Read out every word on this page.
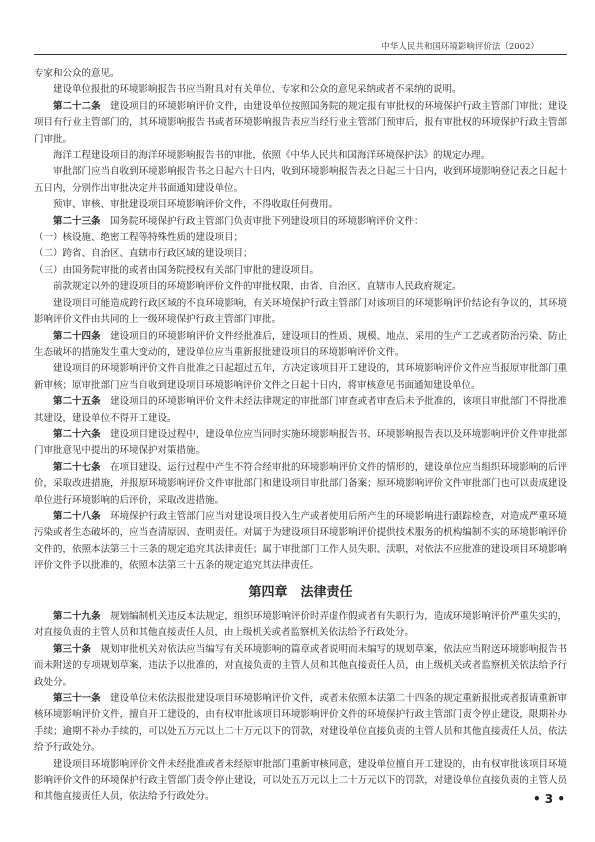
中华人民共和国环境影响评价法（2002）

专家和公众的意见。

建设单位报批的环境影响报告书应当附具对有关单位、专家和公众的意见采纳或者不采纳的说明。

第二十二条　建设项目的环境影响评价文件，由建设单位按照国务院的规定报有审批权的环境保护行政主管部门审批；建设项目有行业主管部门的，其环境影响报告书或者环境影响报告表应当经行业主管部门预审后，报有审批权的环境保护行政主管部门审批。

海洋工程建设项目的海洋环境影响报告书的审批，依照《中华人民共和国海洋环境保护法》的规定办理。

审批部门应当自收到环境影响报告书之日起六十日内，收到环境影响报告表之日起三十日内，收到环境影响登记表之日起十五日内，分别作出审批决定并书面通知建设单位。

预审、审核、审批建设项目环境影响评价文件，不得收取任何费用。

第二十三条　国务院环境保护行政主管部门负责审批下列建设项目的环境影响评价文件：

（一）核设施、绝密工程等特殊性质的建设项目；

（二）跨省、自治区、直辖市行政区域的建设项目；

（三）由国务院审批的或者由国务院授权有关部门审批的建设项目。

前款规定以外的建设项目的环境影响评价文件的审批权限，由省、自治区、直辖市人民政府规定。

建设项目可能造成跨行政区域的不良环境影响，有关环境保护行政主管部门对该项目的环境影响评价结论有争议的，其环境影响评价文件由共同的上一级环境保护行政主管部门审批。

第二十四条　建设项目的环境影响评价文件经批准后，建设项目的性质、规模、地点、采用的生产工艺或者防治污染、防止生态破坏的措施发生重大变动的，建设单位应当重新报批建设项目的环境影响评价文件。

建设项目的环境影响评价文件自批准之日起超过五年，方决定该项目开工建设的，其环境影响评价文件应当报原审批部门重新审核；原审批部门应当自收到建设项目环境影响评价文件之日起十日内，将审核意见书面通知建设单位。

第二十五条　建设项目的环境影响评价文件未经法律规定的审批部门审查或者审查后未予批准的，该项目审批部门不得批准其建设，建设单位不得开工建设。

第二十六条　建设项目建设过程中，建设单位应当同时实施环境影响报告书、环境影响报告表以及环境影响评价文件审批部门审批意见中提出的环境保护对策措施。

第二十七条　在项目建设、运行过程中产生不符合经审批的环境影响评价文件的情形的，建设单位应当组织环境影响的后评价，采取改进措施，并报原环境影响评价文件审批部门和建设项目审批部门备案；原环境影响评价文件审批部门也可以责成建设单位进行环境影响的后评价，采取改进措施。

第二十八条　环境保护行政主管部门应当对建设项目投入生产或者使用后所产生的环境影响进行跟踪检查，对造成严重环境污染或者生态破坏的，应当查清原因、查明责任。对属于为建设项目环境影响评价提供技术服务的机构编制不实的环境影响评价文件的，依照本法第三十三条的规定追究其法律责任；属于审批部门工作人员失职、渎职，对依法不应批准的建设项目环境影响评价文件予以批准的，依照本法第三十五条的规定追究其法律责任。

第四章　法律责任

第二十九条　规划编制机关违反本法规定，组织环境影响评价时弄虚作假或者有失职行为，造成环境影响评价严重失实的，对直接负责的主管人员和其他直接责任人员，由上级机关或者监察机关依法给予行政处分。

第三十条　规划审批机关对依法应当编写有关环境影响的篇章或者说明而未编写的规划草案，依法应当附送环境影响报告书而未附送的专项规划草案，违法予以批准的，对直接负责的主管人员和其他直接责任人员，由上级机关或者监察机关依法给予行政处分。

第三十一条　建设单位未依法报批建设项目环境影响评价文件，或者未依照本法第二十四条的规定重新报批或者报请重新审核环境影响评价文件，擅自开工建设的，由有权审批该项目环境影响评价文件的环境保护行政主管部门责令停止建设，限期补办手续；逾期不补办手续的，可以处五万元以上二十万元以下的罚款，对建设单位直接负责的主管人员和其他直接责任人员，依法给予行政处分。

建设项目环境影响评价文件未经批准或者未经原审批部门重新审核同意，建设单位擅自开工建设的，由有权审批该项目环境影响评价文件的环境保护行政主管部门责令停止建设，可以处五万元以上二十万元以下的罚款，对建设单位直接负责的主管人员和其他直接责任人员，依法给予行政处分。	• 3 •
